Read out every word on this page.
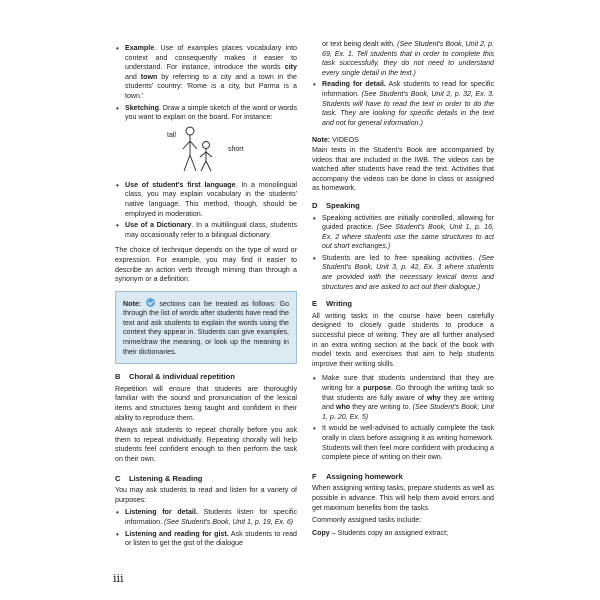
• Example. Use of examples places vocabulary into context and consequently makes it easier to understand. For instance, introduce the words city and town by referring to a city and a town in the students' country: 'Rome is a city, but Parma is a town.'
• Sketching. Draw a simple sketch of the word or words you want to explain on the board. For instance:
tall
short
• Use of student's first language. In a monolingual class, you may explain vocabulary in the students' native language. This method, though, should be employed in moderation.
• Use of a Dictionary. In a multilingual class, students may occasionally refer to a bilingual dictionary.

The choice of technique depends on the type of word or expression. For example, you may find it easier to describe an action verb through miming than through a synonym or a definition.

Note:  sections can be treated as follows: Go through the list of words after students have read the text and ask students to explain the words using the context they appear in. Students can give examples, mime/draw the meaning, or look up the meaning in their dictionaries.
B Choral & individual repetition

Repetition will ensure that students are thoroughly familiar with the sound and pronunciation of the lexical items and structures being taught and confident in their ability to reproduce them.

Always ask students to repeat chorally before you ask them to repeat individually. Repeating chorally will help students feel confident enough to then perform the task on their own.

C Listening & Reading

You may ask students to read and listen for a variety of purposes:

• Listening for detail. Students listen for specific information. (See Student's Book, Unit 1, p. 19, Ex. 6)
• Listening and reading for gist. Ask students to read or listen to get the gist of the dialogue
or text being dealt with. (See Student's Book, Unit 2, p. 69, Ex. 1. Tell students that in order to complete this task successfully, they do not need to understand every single detail in the text.)
• Reading for detail. Ask students to read for specific information. (See Student's Book, Unit 2, p. 32, Ex. 3. Students will have to read the text in order to do the task. They are looking for specific details in the text and not for general information.)
Note: VIDEOS

Main texts in the Student's Book are accompanied by videos that are included in the IWB. The videos can be watched after students have read the text. Activities that accompany the videos can be done in class or assigned as homework.

D Speaking
• Speaking activities are initially controlled, allowing for guided practice. (See Student's Book, Unit 1, p. 16, Ex. 2 where students use the same structures to act out short exchanges.)
• Students are led to free speaking activities. (See Student's Book, Unit 3, p. 42, Ex. 3 where students are provided with the necessary lexical items and structures and are asked to act out their dialogue.)
E Writing

All writing tasks in the course have been carefully designed to closely guide students to produce a successful piece of writing. They are all further analysed in an extra writing section at the back of the book with model texts and exercises that aim to help students improve their writing skills.

• Make sure that students understand that they are writing for a purpose. Go through the writing task so that students are fully aware of why they are writing and who they are writing to. (See Student's Book, Unit 1, p. 20, Ex. 5)
• It would be well-advised to actually complete the task orally in class before assigning it as writing homework. Students will then feel more confident with producing a complete piece of writing on their own.
F Assigning homework

When assigning writing tasks, prepare students as well as possible in advance. This will help them avoid errors and get maximum benefits from the tasks.

Commonly assigned tasks include:

Copy – Students copy an assigned extract;
iii
